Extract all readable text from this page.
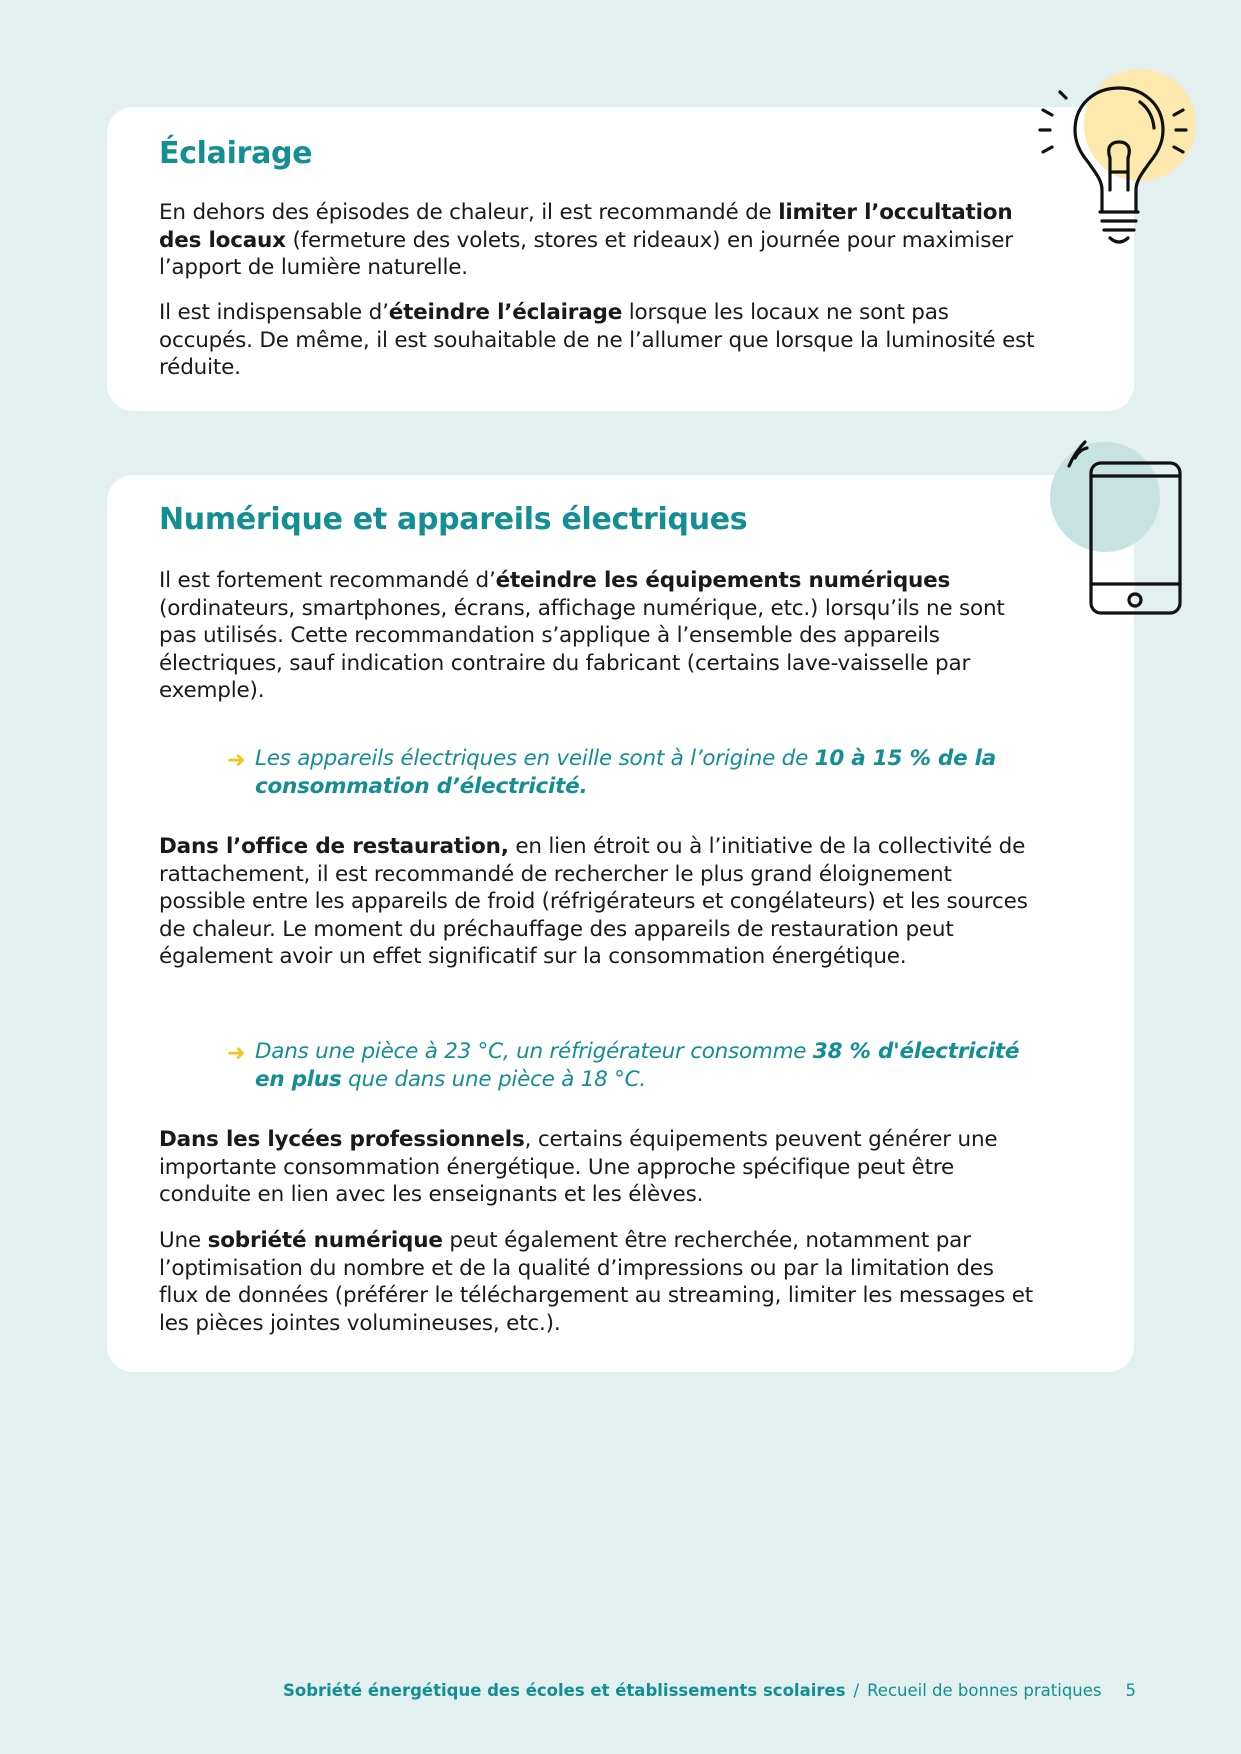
Éclairage

En dehors des épisodes de chaleur, il est recommandé de limiter l’occultation des locaux (fermeture des volets, stores et rideaux) en journée pour maximiser l’apport de lumière naturelle.

Il est indispensable d’éteindre l’éclairage lorsque les locaux ne sont pas occupés. De même, il est souhaitable de ne l’allumer que lorsque la luminosité est réduite.

Numérique et appareils électriques

Il est fortement recommandé d’éteindre les équipements numériques (ordinateurs, smartphones, écrans, affichage numérique, etc.) lorsqu’ils ne sont pas utilisés. Cette recommandation s’applique à l’ensemble des appareils électriques, sauf indication contraire du fabricant (certains lave-vaisselle par exemple).

➜ Les appareils électriques en veille sont à l’origine de 10 à 15 % de la consommation d’électricité.

Dans l’office de restauration, en lien étroit ou à l’initiative de la collectivité de rattachement, il est recommandé de rechercher le plus grand éloignement possible entre les appareils de froid (réfrigérateurs et congélateurs) et les sources de chaleur. Le moment du préchauffage des appareils de restauration peut également avoir un effet significatif sur la consommation énergétique.

➜ Dans une pièce à 23 °C, un réfrigérateur consomme 38 % d'électricité en plus que dans une pièce à 18 °C.

Dans les lycées professionnels, certains équipements peuvent générer une importante consommation énergétique. Une approche spécifique peut être conduite en lien avec les enseignants et les élèves.

Une sobriété numérique peut également être recherchée, notamment par l’optimisation du nombre et de la qualité d’impressions ou par la limitation des flux de données (préférer le téléchargement au streaming, limiter les messages et les pièces jointes volumineuses, etc.).

Sobriété énergétique des écoles et établissements scolaires / Recueil de bonnes pratiques 5
